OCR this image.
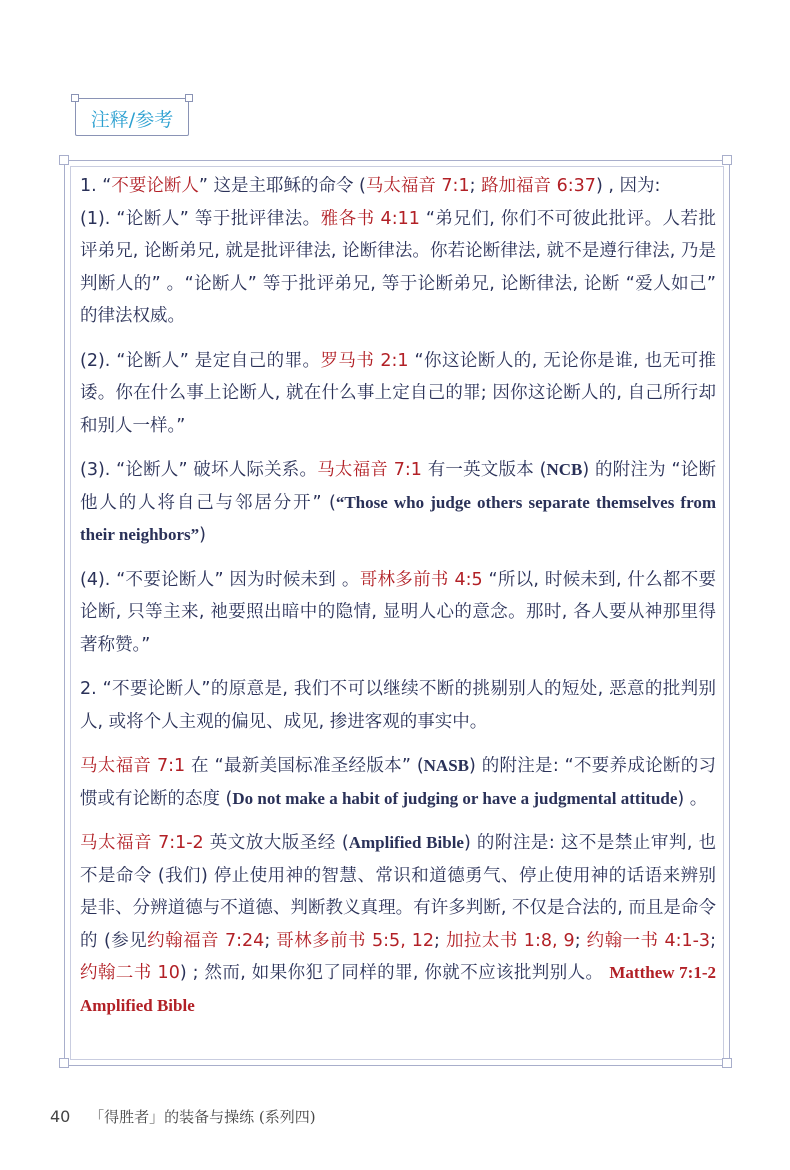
注释/参考

1. “不要论断人” 这是主耶稣的命令 (马太福音 7:1; 路加福音 6:37) , 因为:

(1). “论断人” 等于批评律法。雅各书 4:11 “弟兄们, 你们不可彼此批评。人若批评弟兄, 论断弟兄, 就是批评律法, 论断律法。你若论断律法, 就不是遵行律法, 乃是判断人的” 。“论断人” 等于批评弟兄, 等于论断弟兄, 论断律法, 论断 “爱人如己” 的律法权威。

(2). “论断人” 是定自己的罪。罗马书 2:1 “你这论断人的, 无论你是谁, 也无可推诿。你在什么事上论断人, 就在什么事上定自己的罪; 因你这论断人的, 自己所行却和别人一样。”

(3). “论断人” 破坏人际关系。马太福音 7:1 有一英文版本 (NCB) 的附注为 “论断他人的人将自己与邻居分开” (“Those who judge others separate themselves from their neighbors”)

(4). “不要论断人” 因为时候未到 。哥林多前书 4:5 “所以, 时候未到, 什么都不要论断, 只等主来, 祂要照出暗中的隐情, 显明人心的意念。那时, 各人要从神那里得著称赞。”

2. “不要论断人”的原意是, 我们不可以继续不断的挑剔别人的短处, 恶意的批判别人, 或将个人主观的偏见、成见, 掺进客观的事实中。

马太福音 7:1 在 “最新美国标准圣经版本” (NASB) 的附注是: “不要养成论断的习惯或有论断的态度 (Do not make a habit of judging or have a judgmental attitude) 。

马太福音 7:1-2 英文放大版圣经 (Amplified Bible) 的附注是: 这不是禁止审判, 也不是命令 (我们) 停止使用神的智慧、常识和道德勇气、停止使用神的话语来辨别是非、分辨道德与不道德、判断教义真理。有许多判断, 不仅是合法的, 而且是命令的 (参见约翰福音 7:24; 哥林多前书 5:5, 12; 加拉太书 1:8, 9; 约翰一书 4:1-3; 约翰二书 10) ; 然而, 如果你犯了同样的罪, 你就不应该批判别人。 Matthew 7:1-2 Amplified Bible

40 「得胜者」的装备与操练 (系列四)
